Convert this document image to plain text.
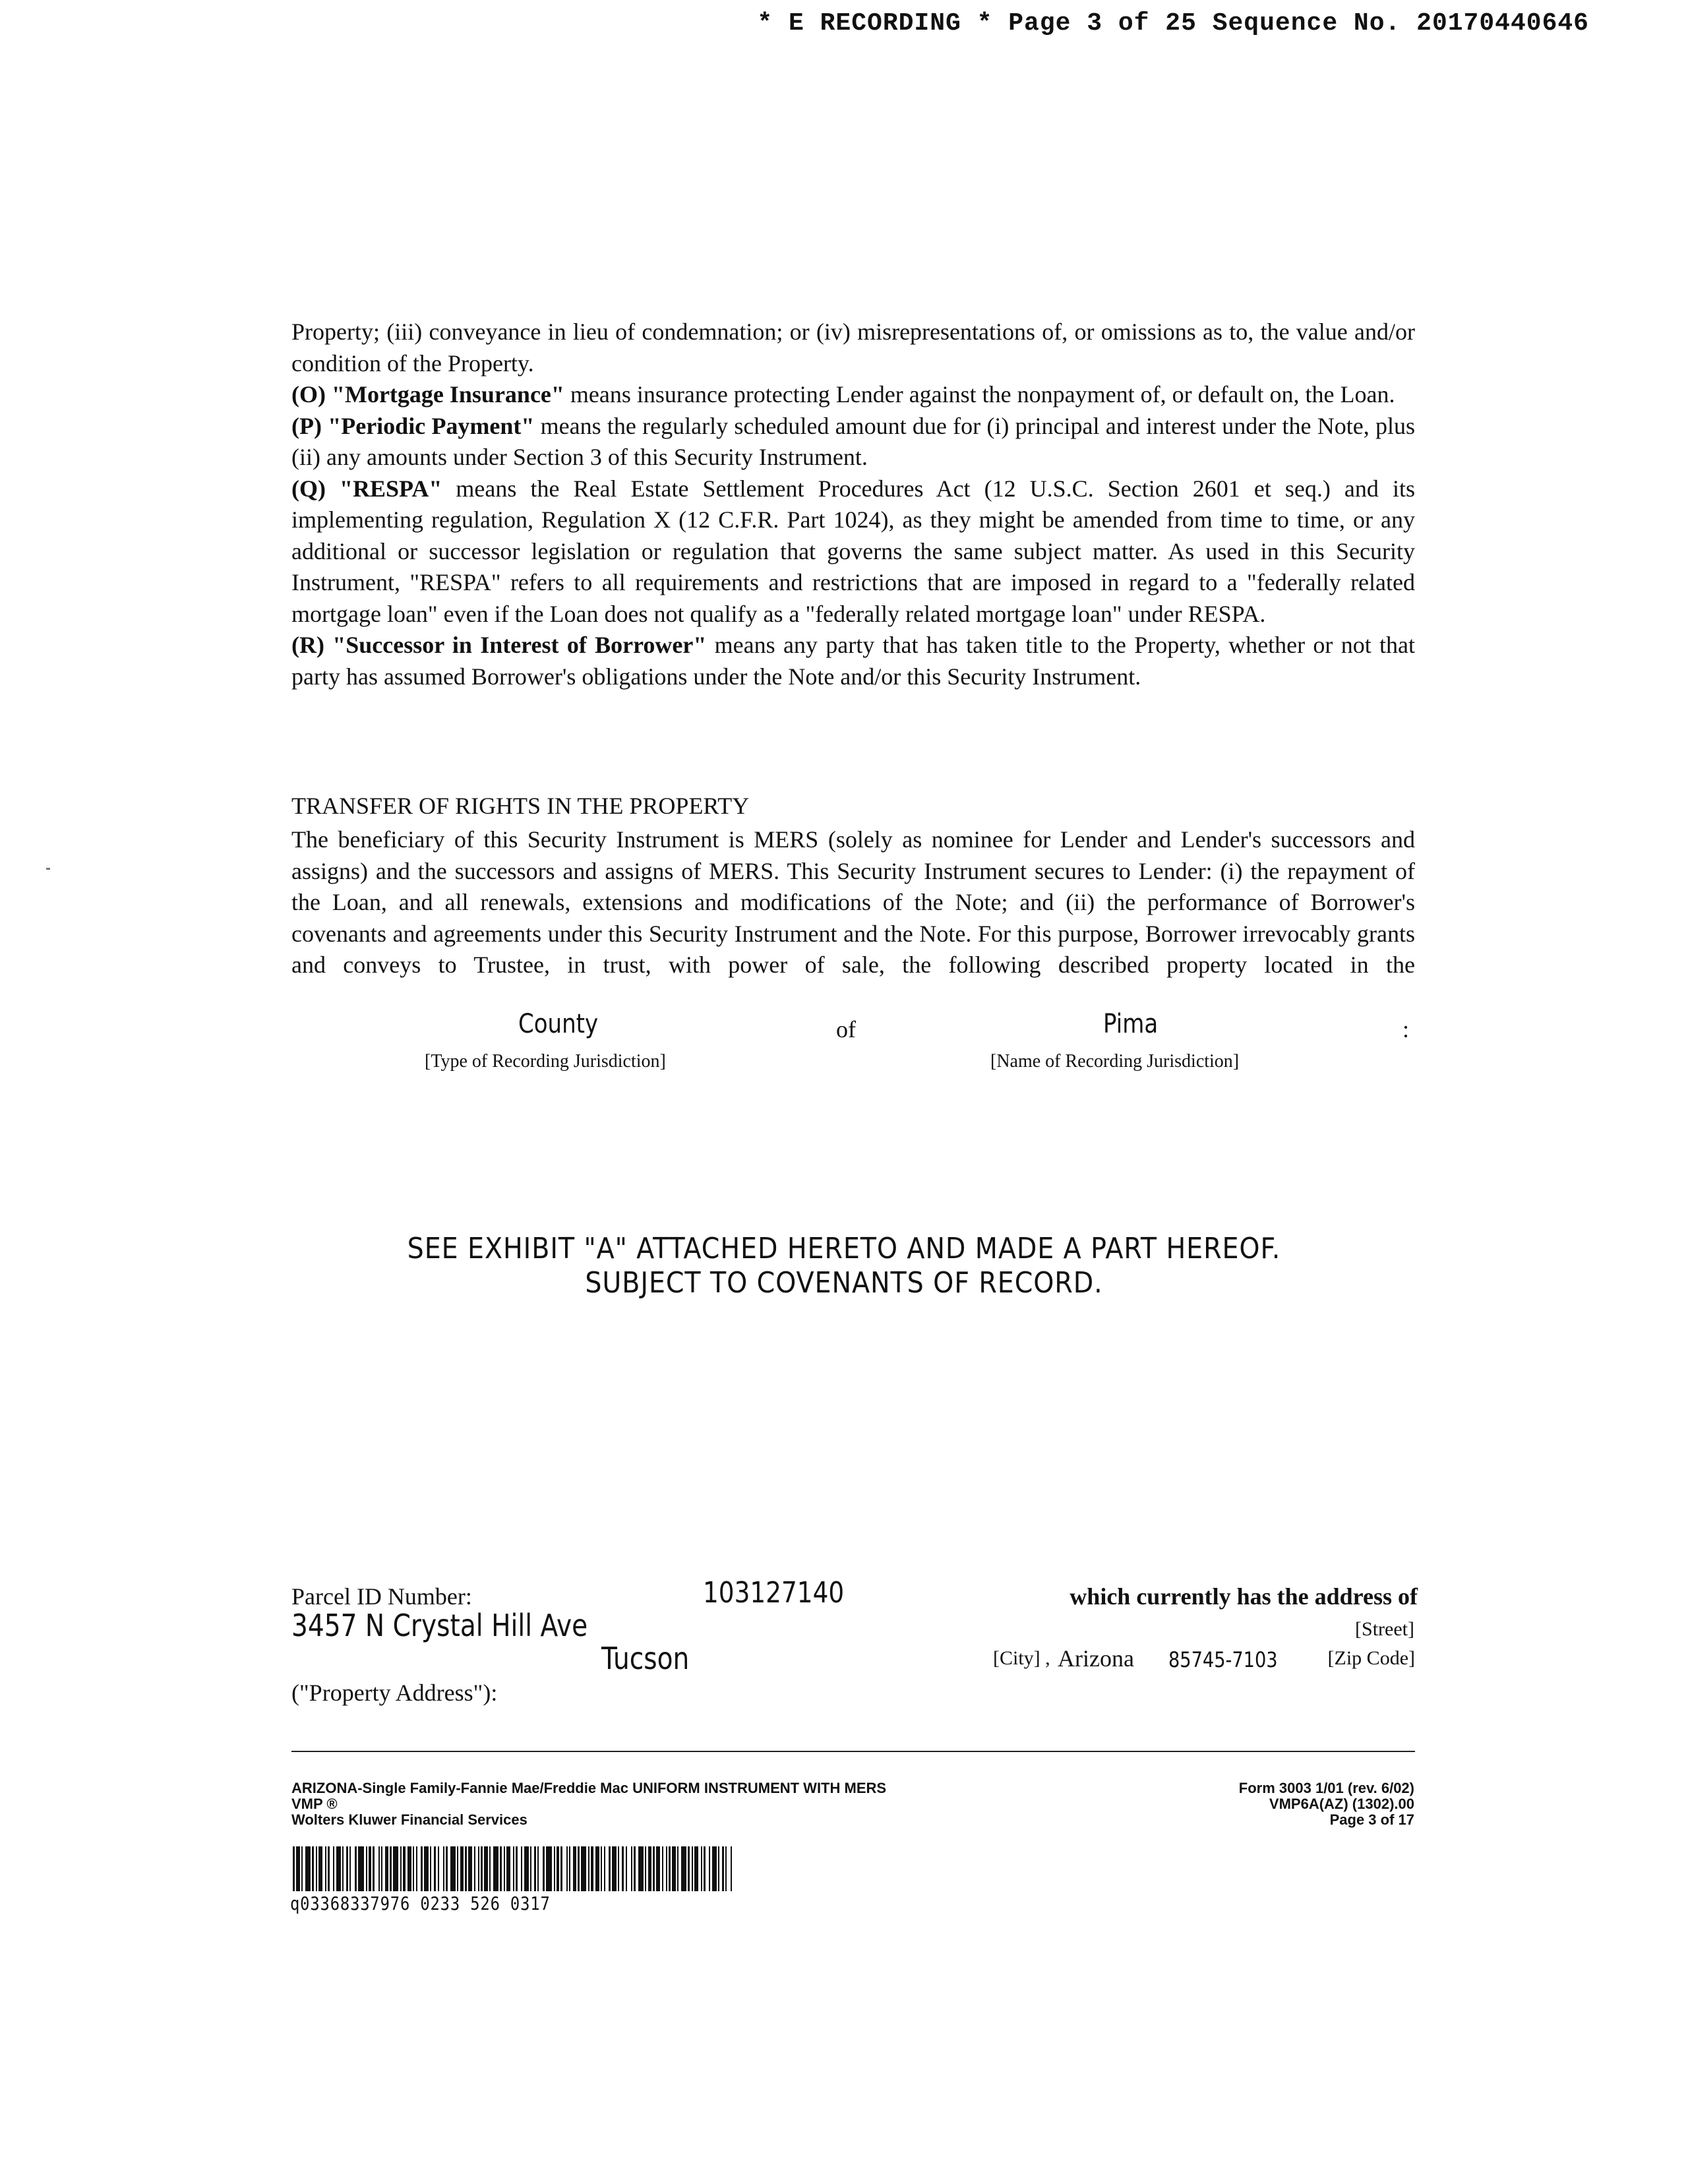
* E RECORDING * Page 3 of 25 Sequence No. 20170440646

Property; (iii) conveyance in lieu of condemnation; or (iv) misrepresentations of, or omissions as to, the value and/or condition of the Property.

(O) "Mortgage Insurance" means insurance protecting Lender against the nonpayment of, or default on, the Loan.

(P) "Periodic Payment" means the regularly scheduled amount due for (i) principal and interest under the Note, plus (ii) any amounts under Section 3 of this Security Instrument.

(Q) "RESPA" means the Real Estate Settlement Procedures Act (12 U.S.C. Section 2601 et seq.) and its implementing regulation, Regulation X (12 C.F.R. Part 1024), as they might be amended from time to time, or any additional or successor legislation or regulation that governs the same subject matter. As used in this Security Instrument, "RESPA" refers to all requirements and restrictions that are imposed in regard to a "federally related mortgage loan" even if the Loan does not qualify as a "federally related mortgage loan" under RESPA.

(R) "Successor in Interest of Borrower" means any party that has taken title to the Property, whether or not that party has assumed Borrower's obligations under the Note and/or this Security Instrument.

TRANSFER OF RIGHTS IN THE PROPERTY

The beneficiary of this Security Instrument is MERS (solely as nominee for Lender and Lender's successors and assigns) and the successors and assigns of MERS. This Security Instrument secures to Lender: (i) the repayment of the Loan, and all renewals, extensions and modifications of the Note; and (ii) the performance of Borrower's covenants and agreements under this Security Instrument and the Note. For this purpose, Borrower irrevocably grants and conveys to Trustee, in trust, with power of sale, the following described property located in the

County	of	Pima	:
[Type of Recording Jurisdiction]	[Name of Recording Jurisdiction]
SEE EXHIBIT "A" ATTACHED HERETO AND MADE A PART HEREOF.
SUBJECT TO COVENANTS OF RECORD.
Parcel ID Number:	103127140	which currently has the address of
3457 N Crystal Hill Ave	[Street]
Tucson	[City] , Arizona 85745-7103	[Zip Code]
("Property Address"):
ARIZONA-Single Family-Fannie Mae/Freddie Mac UNIFORM INSTRUMENT WITH MERS
VMP ®
Wolters Kluwer Financial Services
Form 3003 1/01 (rev. 6/02)
VMP6A(AZ) (1302).00
Page 3 of 17
q03368337976 0233 526 0317
